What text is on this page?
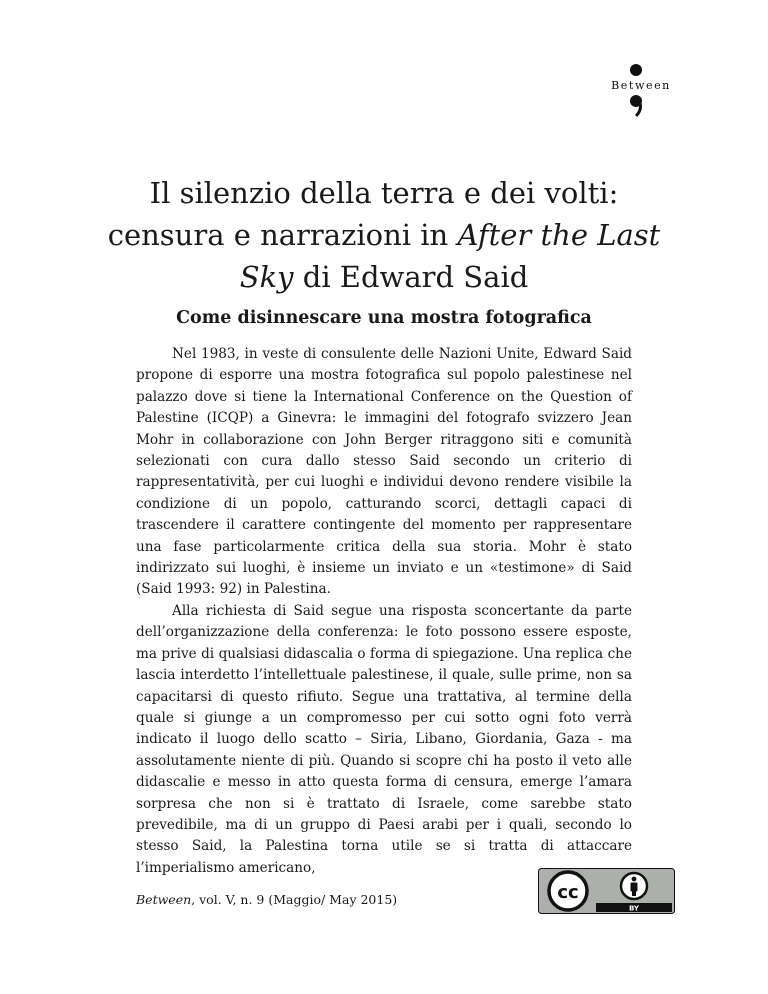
Between
Il silenzio della terra e dei volti:
censura e narrazioni in After the Last
Sky di Edward Said
Come disinnescare una mostra fotografica

Nel 1983, in veste di consulente delle Nazioni Unite, Edward Said propone di esporre una mostra fotografica sul popolo palestinese nel palazzo dove si tiene la International Conference on the Question of Palestine (ICQP) a Ginevra: le immagini del fotografo svizzero Jean Mohr in collaborazione con John Berger ritraggono siti e comunità selezionati con cura dallo stesso Said secondo un criterio di rappresentatività, per cui luoghi e individui devono rendere visibile la condizione di un popolo, catturando scorci, dettagli capaci di trascendere il carattere contingente del momento per rappresentare una fase particolarmente critica della sua storia. Mohr è stato indirizzato sui luoghi, è insieme un inviato e un «testimone» di Said (Said 1993: 92) in Palestina.

Alla richiesta di Said segue una risposta sconcertante da parte dell’organizzazione della conferenza: le foto possono essere esposte, ma prive di qualsiasi didascalia o forma di spiegazione. Una replica che lascia interdetto l’intellettuale palestinese, il quale, sulle prime, non sa capacitarsi di questo rifiuto. Segue una trattativa, al termine della quale si giunge a un compromesso per cui sotto ogni foto verrà indicato il luogo dello scatto – Siria, Libano, Giordania, Gaza - ma assolutamente niente di più. Quando si scopre chi ha posto il veto alle didascalie e messo in atto questa forma di censura, emerge l’amara sorpresa che non si è trattato di Israele, come sarebbe stato prevedibile, ma di un gruppo di Paesi arabi per i quali, secondo lo stesso Said, la Palestina torna utile se si tratta di attaccare l’imperialismo americano,

Between, vol. V, n. 9 (Maggio/ May 2015)	cc
BY
